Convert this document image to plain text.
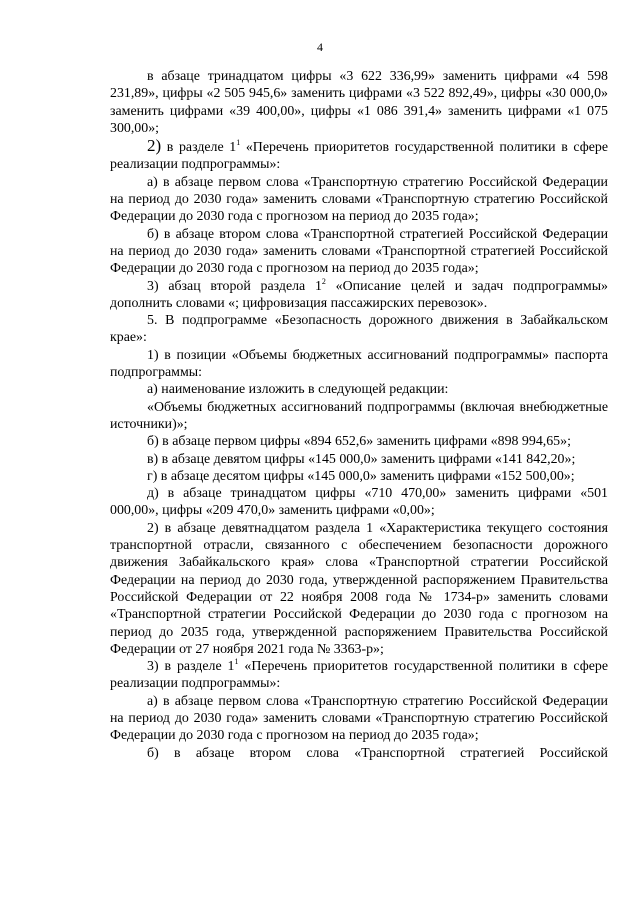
4

в абзаце тринадцатом цифры «3 622 336,99» заменить цифрами «4 598 231,89», цифры «2 505 945,6» заменить цифрами «3 522 892,49», цифры «30 000,0» заменить цифрами «39 400,00», цифры «1 086 391,4» заменить цифрами «1 075 300,00»;

2) в разделе $1^1$ «Перечень приоритетов государственной политики в сфере реализации подпрограммы»:

а) в абзаце первом слова «Транспортную стратегию Российской Федерации на период до 2030 года» заменить словами «Транспортную стратегию Российской Федерации до 2030 года с прогнозом на период до 2035 года»;

б) в абзаце втором слова «Транспортной стратегией Российской Федерации на период до 2030 года» заменить словами «Транспортной стратегией Российской Федерации до 2030 года с прогнозом на период до 2035 года»;

3) абзац второй раздела $1^2$ «Описание целей и задач подпрограммы» дополнить словами «; цифровизация пассажирских перевозок».

5. В подпрограмме «Безопасность дорожного движения в Забайкальском крае»:

1) в позиции «Объемы бюджетных ассигнований подпрограммы» паспорта подпрограммы:

а) наименование изложить в следующей редакции:

«Объемы бюджетных ассигнований подпрограммы (включая внебюджетные источники)»;

б) в абзаце первом цифры «894 652,6» заменить цифрами «898 994,65»;

в) в абзаце девятом цифры «145 000,0» заменить цифрами «141 842,20»;

г) в абзаце десятом цифры «145 000,0» заменить цифрами «152 500,00»;

д) в абзаце тринадцатом цифры «710 470,00» заменить цифрами «501 000,00», цифры «209 470,0» заменить цифрами «0,00»;

2) в абзаце девятнадцатом раздела 1 «Характеристика текущего состояния транспортной отрасли, связанного с обеспечением безопасности дорожного движения Забайкальского края» слова «Транспортной стратегии Российской Федерации на период до 2030 года, утвержденной распоряжением Правительства Российской Федерации от 22 ноября 2008 года № 1734-р» заменить словами «Транспортной стратегии Российской Федерации до 2030 года с прогнозом на период до 2035 года, утвержденной распоряжением Правительства Российской Федерации от 27 ноября 2021 года № 3363-р»;

3) в разделе $1^1$ «Перечень приоритетов государственной политики в сфере реализации подпрограммы»:

а) в абзаце первом слова «Транспортную стратегию Российской Федерации на период до 2030 года» заменить словами «Транспортную стратегию Российской Федерации до 2030 года с прогнозом на период до 2035 года»;

б) в абзаце втором слова «Транспортной стратегией Российской
